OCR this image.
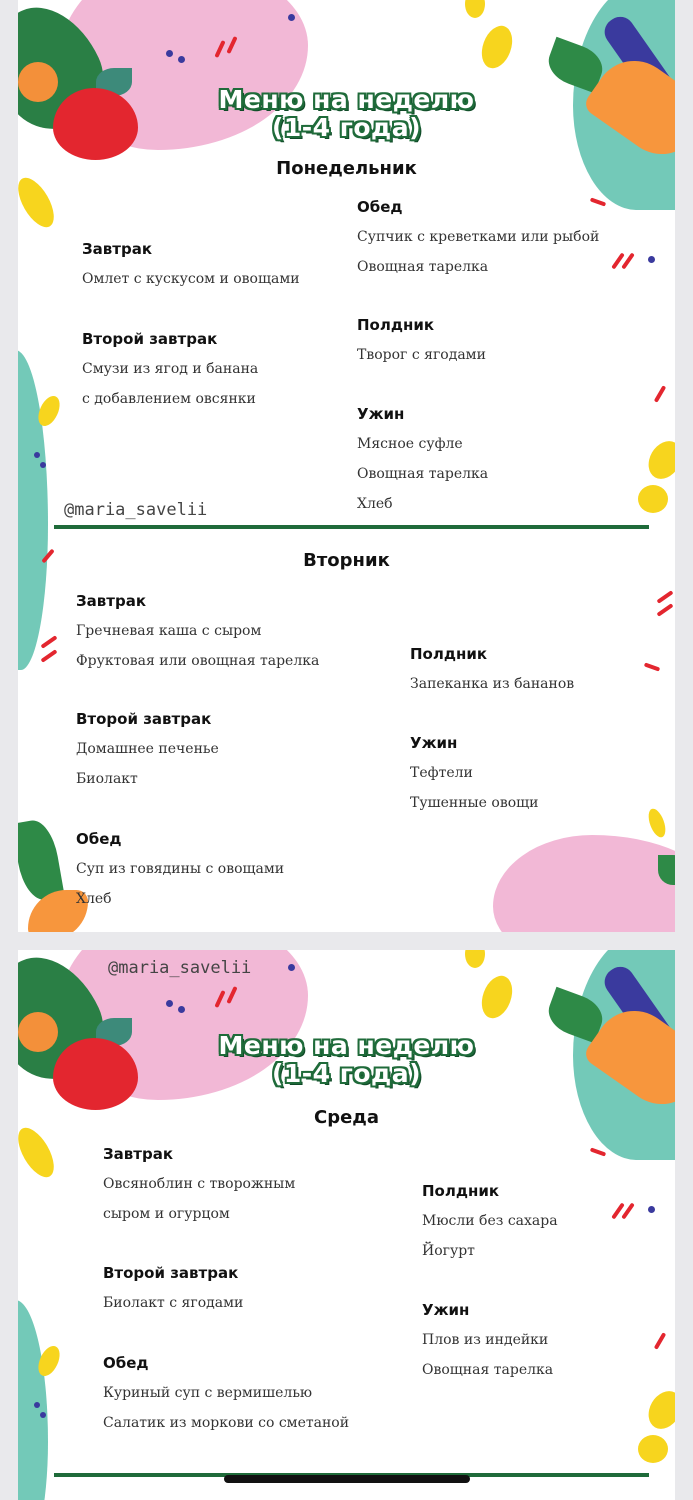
Меню на неделю
(1-4 года)
Понедельник
Завтрак

Омлет с кускусом и овощами

Второй завтрак

Смузи из ягод и банана

с добавлением овсянки

Обед

Супчик с креветками или рыбой

Овощная тарелка

Полдник

Творог с ягодами

Ужин

Мясное суфле

Овощная тарелка

Хлеб

@maria_savelii
Вторник
Завтрак

Гречневая каша с сыром

Фруктовая или овощная тарелка

Второй завтрак

Домашнее печенье

Биолакт

Обед

Суп из говядины с овощами

Хлеб

Полдник

Запеканка из бананов

Ужин

Тефтели

Тушенные овощи

@maria_savelii
Меню на неделю
(1-4 года)
Среда
Завтрак

Овсяноблин с творожным

сыром и огурцом

Второй завтрак

Биолакт с ягодами

Обед

Куриный суп с вермишелью

Салатик из моркови со сметаной

Полдник

Мюсли без сахара

Йогурт

Ужин

Плов из индейки

Овощная тарелка
